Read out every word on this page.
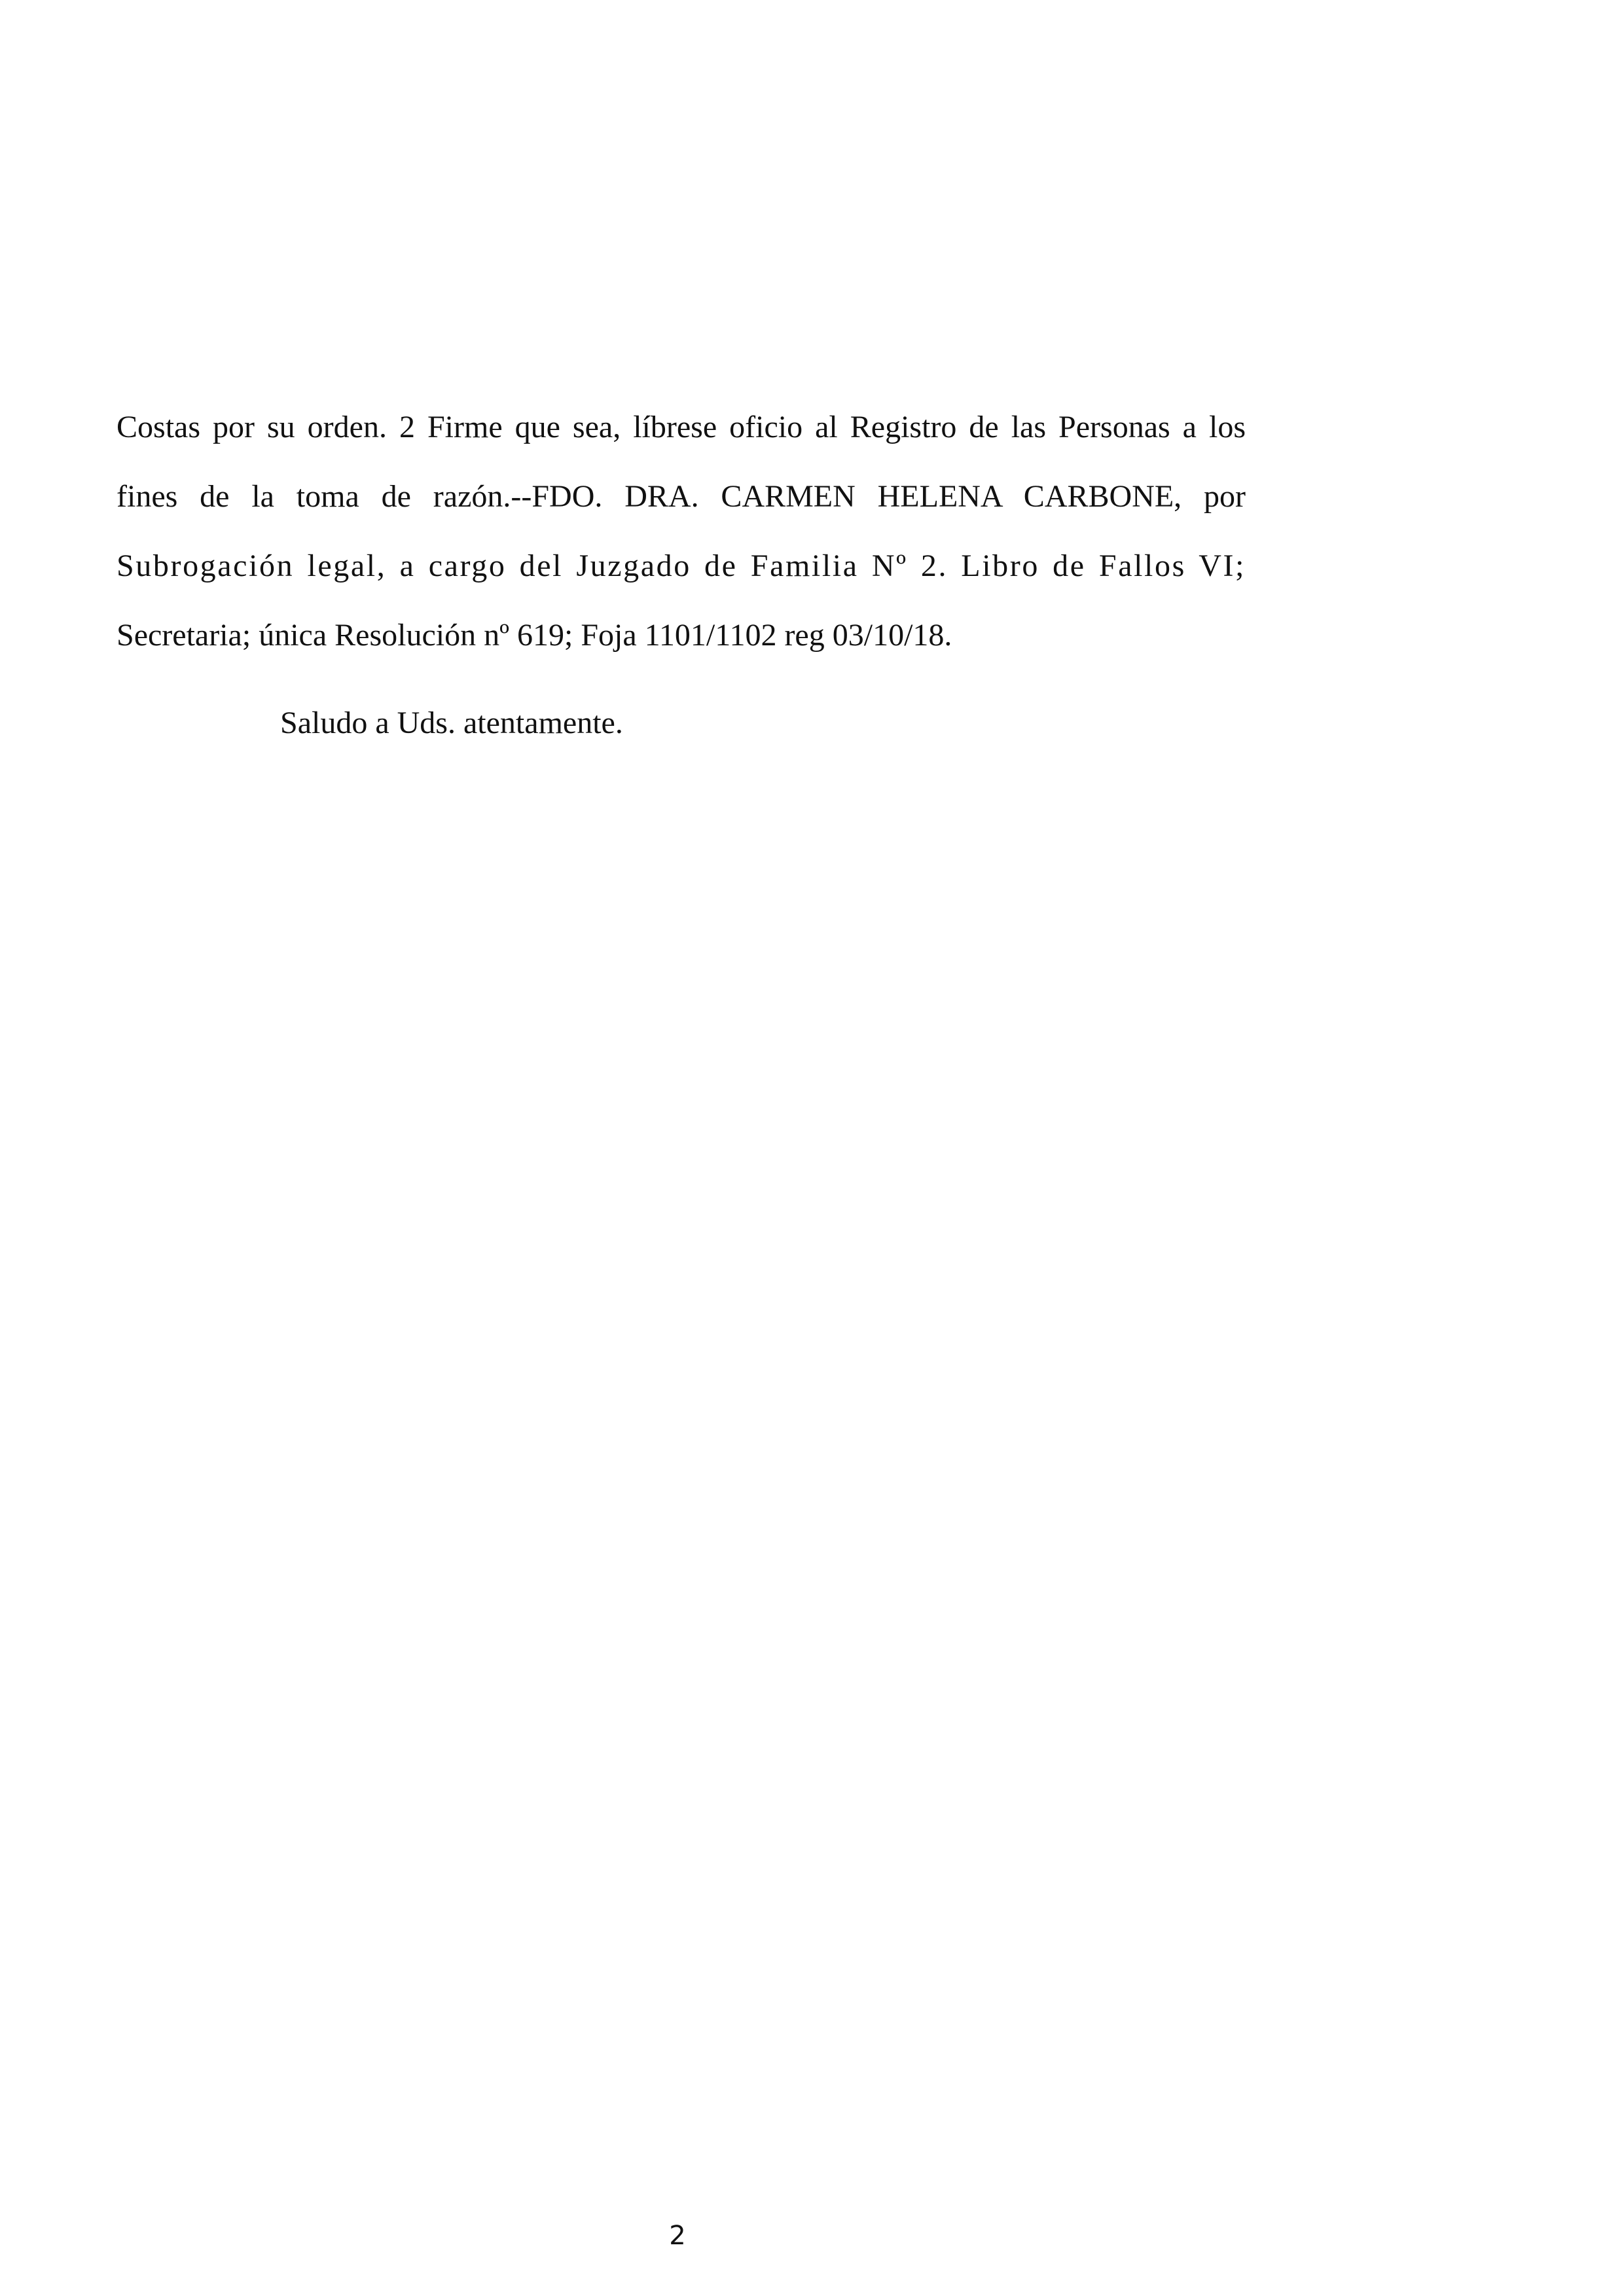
Costas por su orden. 2 Firme que sea, líbrese oficio al Registro de las Personas a los
fines de la toma de razón.--FDO. DRA. CARMEN HELENA CARBONE, por
Subrogación legal, a cargo del Juzgado de Familia Nº 2. Libro de Fallos VI;
Secretaria; única Resolución nº 619; Foja 1101/1102 reg 03/10/18.
Saludo a Uds. atentamente.
2
